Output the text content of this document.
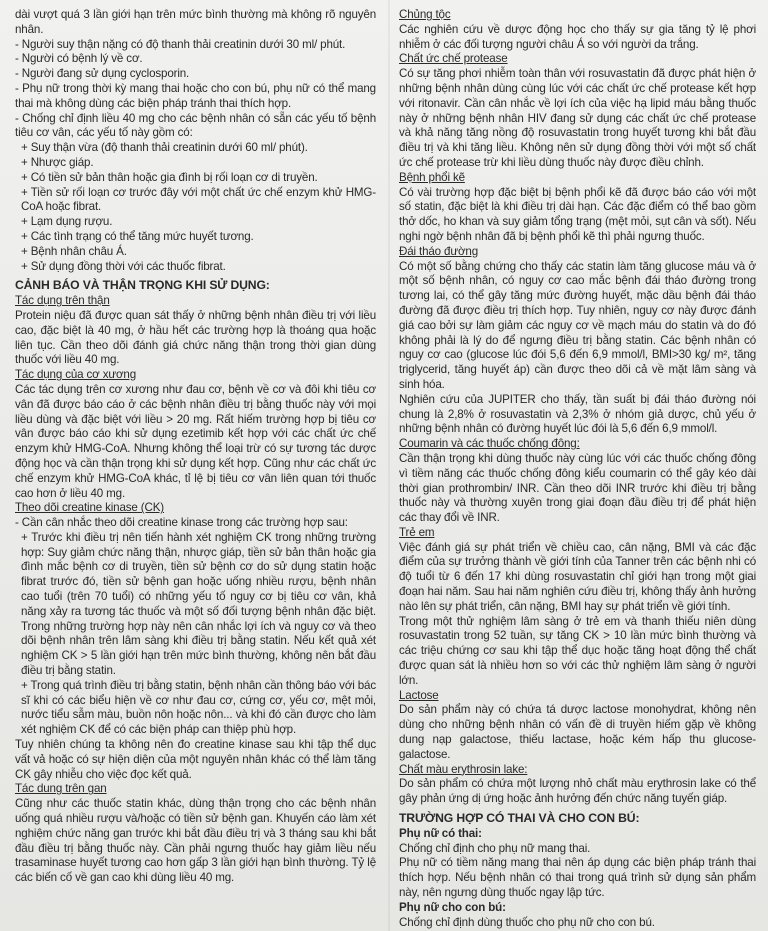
dài vượt quá 3 lần giới hạn trên mức bình thường mà không rõ nguyên nhân.

- Người suy thận nặng có độ thanh thải creatinin dưới 30 ml/ phút.

- Người có bệnh lý về cơ.

- Người đang sử dụng cyclosporin.

- Phụ nữ trong thời kỳ mang thai hoặc cho con bú, phụ nữ có thể mang thai mà không dùng các biện pháp tránh thai thích hợp.

- Chống chỉ định liều 40 mg cho các bệnh nhân có sẵn các yếu tố bệnh tiêu cơ vân, các yếu tố này gồm có:

+ Suy thận vừa (độ thanh thải creatinin dưới 60 ml/ phút).

+ Nhược giáp.

+ Có tiền sử bản thân hoặc gia đình bị rối loạn cơ di truyền.

+ Tiền sử rối loạn cơ trước đây với một chất ức chế enzym khử HMG-CoA hoặc fibrat.

+ Lạm dụng rượu.

+ Các tình trạng có thể tăng mức huyết tương.

+ Bệnh nhân châu Á.

+ Sử dụng đồng thời với các thuốc fibrat.

CẢNH BÁO VÀ THẬN TRỌNG KHI SỬ DỤNG:

Tác dụng trên thận

Protein niệu đã được quan sát thấy ở những bệnh nhân điều trị với liều cao, đặc biệt là 40 mg, ở hầu hết các trường hợp là thoáng qua hoặc liên tục. Cần theo dõi đánh giá chức năng thận trong thời gian dùng thuốc với liều 40 mg.

Tác dụng của cơ xương

Các tác dụng trên cơ xương như đau cơ, bệnh về cơ và đôi khi tiêu cơ vân đã được báo cáo ở các bệnh nhân điều trị bằng thuốc này với mọi liều dùng và đặc biệt với liều > 20 mg. Rất hiếm trường hợp bị tiêu cơ vân được báo cáo khi sử dụng ezetimib kết hợp với các chất ức chế enzym khử HMG-CoA. Nhưng không thể loại trừ có sự tương tác dược động học và cần thận trọng khi sử dụng kết hợp. Cũng như các chất ức chế enzym khử HMG-CoA khác, tỉ lệ bị tiêu cơ vân liên quan tới thuốc cao hơn ở liều 40 mg.

Theo dõi creatine kinase (CK)

- Cần cân nhắc theo dõi creatine kinase trong các trường hợp sau:

+ Trước khi điều trị nên tiến hành xét nghiệm CK trong những trường hợp: Suy giảm chức năng thận, nhược giáp, tiền sử bản thân hoặc gia đình mắc bệnh cơ di truyền, tiền sử bệnh cơ do sử dụng statin hoặc fibrat trước đó, tiền sử bệnh gan hoặc uống nhiều rượu, bệnh nhân cao tuổi (trên 70 tuổi) có những yếu tố nguy cơ bị tiêu cơ vân, khả năng xảy ra tương tác thuốc và một số đối tượng bệnh nhân đặc biệt. Trong những trường hợp này nên cân nhắc lợi ích và nguy cơ và theo dõi bệnh nhân trên lâm sàng khi điều trị bằng statin. Nếu kết quả xét nghiệm CK > 5 lần giới hạn trên mức bình thường, không nên bắt đầu điều trị bằng statin.

+ Trong quá trình điều trị bằng statin, bệnh nhân cần thông báo với bác sĩ khi có các biểu hiện về cơ như đau cơ, cứng cơ, yếu cơ, mệt mỏi, nước tiểu sẫm màu, buồn nôn hoặc nôn... và khi đó cần được cho làm xét nghiệm CK để có các biện pháp can thiệp phù hợp.

Tuy nhiên chúng ta không nên đo creatine kinase sau khi tập thể dục vất vả hoặc có sự hiện diện của một nguyên nhân khác có thể làm tăng CK gây nhiễu cho việc đọc kết quả.

Tác dụng trên gan

Cũng như các thuốc statin khác, dùng thận trọng cho các bệnh nhân uống quá nhiều rượu và/hoặc có tiền sử bệnh gan. Khuyến cáo làm xét nghiệm chức năng gan trước khi bắt đầu điều trị và 3 tháng sau khi bắt đầu điều trị bằng thuốc này. Cần phải ngưng thuốc hay giảm liều nếu trasaminase huyết tương cao hơn gấp 3 lần giới hạn bình thường. Tỷ lệ các biến cố về gan cao khi dùng liều 40 mg.

Chủng tộc

Các nghiên cứu về dược động học cho thấy sự gia tăng tỷ lệ phơi nhiễm ở các đối tượng người châu Á so với người da trắng.

Chất ức chế protease

Có sự tăng phơi nhiễm toàn thân với rosuvastatin đã được phát hiện ở những bệnh nhân dùng cùng lúc với các chất ức chế protease kết hợp với ritonavir. Cần cân nhắc về lợi ích của việc hạ lipid máu bằng thuốc này ở những bệnh nhân HIV đang sử dụng các chất ức chế protease và khả năng tăng nồng độ rosuvastatin trong huyết tương khi bắt đầu điều trị và khi tăng liều. Không nên sử dụng đồng thời với một số chất ức chế protease trừ khi liều dùng thuốc này được điều chỉnh.

Bệnh phổi kẽ

Có vài trường hợp đặc biệt bị bệnh phổi kẽ đã được báo cáo với một số statin, đặc biệt là khi điều trị dài hạn. Các đặc điểm có thể bao gồm thở dốc, ho khan và suy giảm tổng trạng (mệt mỏi, sụt cân và sốt). Nếu nghi ngờ bệnh nhân đã bị bệnh phổi kẽ thì phải ngưng thuốc.

Đái tháo đường

Có một số bằng chứng cho thấy các statin làm tăng glucose máu và ở một số bệnh nhân, có nguy cơ cao mắc bệnh đái tháo đường trong tương lai, có thể gây tăng mức đường huyết, mặc dầu bệnh đái tháo đường đã được điều trị thích hợp. Tuy nhiên, nguy cơ này được đánh giá cao bởi sự làm giảm các nguy cơ về mạch máu do statin và do đó không phải là lý do để ngưng điều trị bằng statin. Các bệnh nhân có nguy cơ cao (glucose lúc đói 5,6 đến 6,9 mmol/l, BMI>30 kg/ m², tăng triglycerid, tăng huyết áp) cần được theo dõi cả về mặt lâm sàng và sinh hóa.

Nghiên cứu của JUPITER cho thấy, tần suất bị đái tháo đường nói chung là 2,8% ở rosuvastatin và 2,3% ở nhóm giả dược, chủ yếu ở những bệnh nhân có đường huyết lúc đói là 5,6 đến 6,9 mmol/l.

Coumarin và các thuốc chống đông:

Cần thận trọng khi dùng thuốc này cùng lúc với các thuốc chống đông vì tiềm năng các thuốc chống đông kiểu coumarin có thể gây kéo dài thời gian prothrombin/ INR. Cần theo dõi INR trước khi điều trị bằng thuốc này và thường xuyên trong giai đoạn đầu điều trị để phát hiện các thay đổi về INR.

Trẻ em

Việc đánh giá sự phát triển về chiều cao, cân nặng, BMI và các đặc điểm của sự trưởng thành về giới tính của Tanner trên các bệnh nhi có độ tuổi từ 6 đến 17 khi dùng rosuvastatin chỉ giới hạn trong một giai đoạn hai năm. Sau hai năm nghiên cứu điều trị, không thấy ảnh hưởng nào lên sự phát triển, cân nặng, BMI hay sự phát triển về giới tính.

Trong một thử nghiệm lâm sàng ở trẻ em và thanh thiếu niên dùng rosuvastatin trong 52 tuần, sự tăng CK > 10 lần mức bình thường và các triệu chứng cơ sau khi tập thể dục hoặc tăng hoạt động thể chất được quan sát là nhiều hơn so với các thử nghiệm lâm sàng ở người lớn.

Lactose

Do sản phẩm này có chứa tá dược lactose monohydrat, không nên dùng cho những bệnh nhân có vấn đề di truyền hiếm gặp về không dung nạp galactose, thiếu lactase, hoặc kém hấp thu glucose-galactose.

Chất màu erythrosin lake:

Do sản phẩm có chứa một lượng nhỏ chất màu erythrosin lake có thể gây phản ứng dị ứng hoặc ảnh hưởng đến chức năng tuyến giáp.

TRƯỜNG HỢP CÓ THAI VÀ CHO CON BÚ:

Phụ nữ có thai:

Chống chỉ định cho phụ nữ mang thai.

Phụ nữ có tiềm năng mang thai nên áp dụng các biện pháp tránh thai thích hợp. Nếu bệnh nhân có thai trong quá trình sử dụng sản phẩm này, nên ngưng dùng thuốc ngay lập tức.

Phụ nữ cho con bú:

Chống chỉ định dùng thuốc cho phụ nữ cho con bú.
